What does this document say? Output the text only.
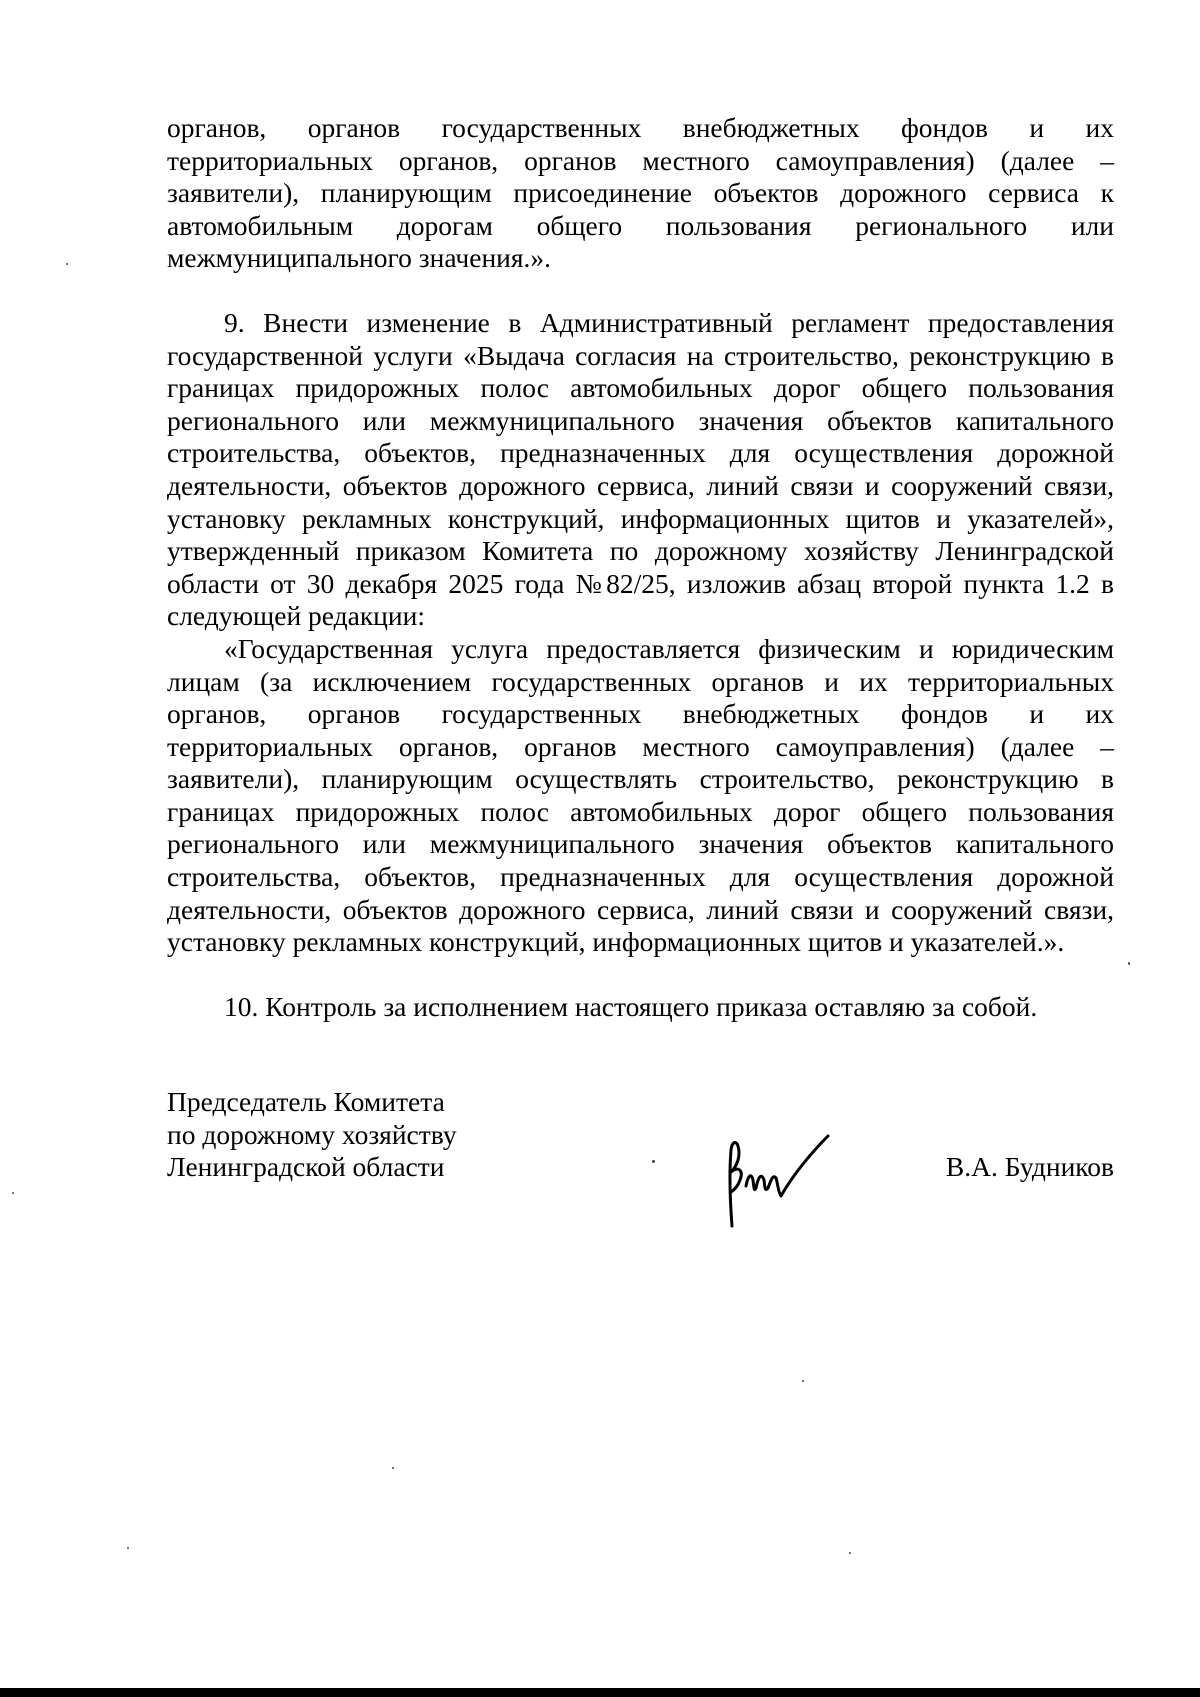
органов, органов государственных внебюджетных фондов и их территориальных органов, органов местного самоуправления) (далее – заявители), планирующим присоединение объектов дорожного сервиса к автомобильным дорогам общего пользования регионального или межмуниципального значения.».

9. Внести изменение в Административный регламент предоставления государственной услуги «Выдача согласия на строительство, реконструкцию в границах придорожных полос автомобильных дорог общего пользования регионального или межмуниципального значения объектов капитального строительства, объектов, предназначенных для осуществления дорожной деятельности, объектов дорожного сервиса, линий связи и сооружений связи, установку рекламных конструкций, информационных щитов и указателей», утвержденный приказом Комитета по дорожному хозяйству Ленинградской области от 30 декабря 2025 года №82/25, изложив абзац второй пункта 1.2 в следующей редакции:

«Государственная услуга предоставляется физическим и юридическим лицам (за исключением государственных органов и их территориальных органов, органов государственных внебюджетных фондов и их территориальных органов, органов местного самоуправления) (далее – заявители), планирующим осуществлять строительство, реконструкцию в границах придорожных полос автомобильных дорог общего пользования регионального или межмуниципального значения объектов капитального строительства, объектов, предназначенных для осуществления дорожной деятельности, объектов дорожного сервиса, линий связи и сооружений связи, установку рекламных конструкций, информационных щитов и указателей.».

10. Контроль за исполнением настоящего приказа оставляю за собой.

Председатель Комитета
по дорожному хозяйству
Ленинградской области	В.А. Будников
